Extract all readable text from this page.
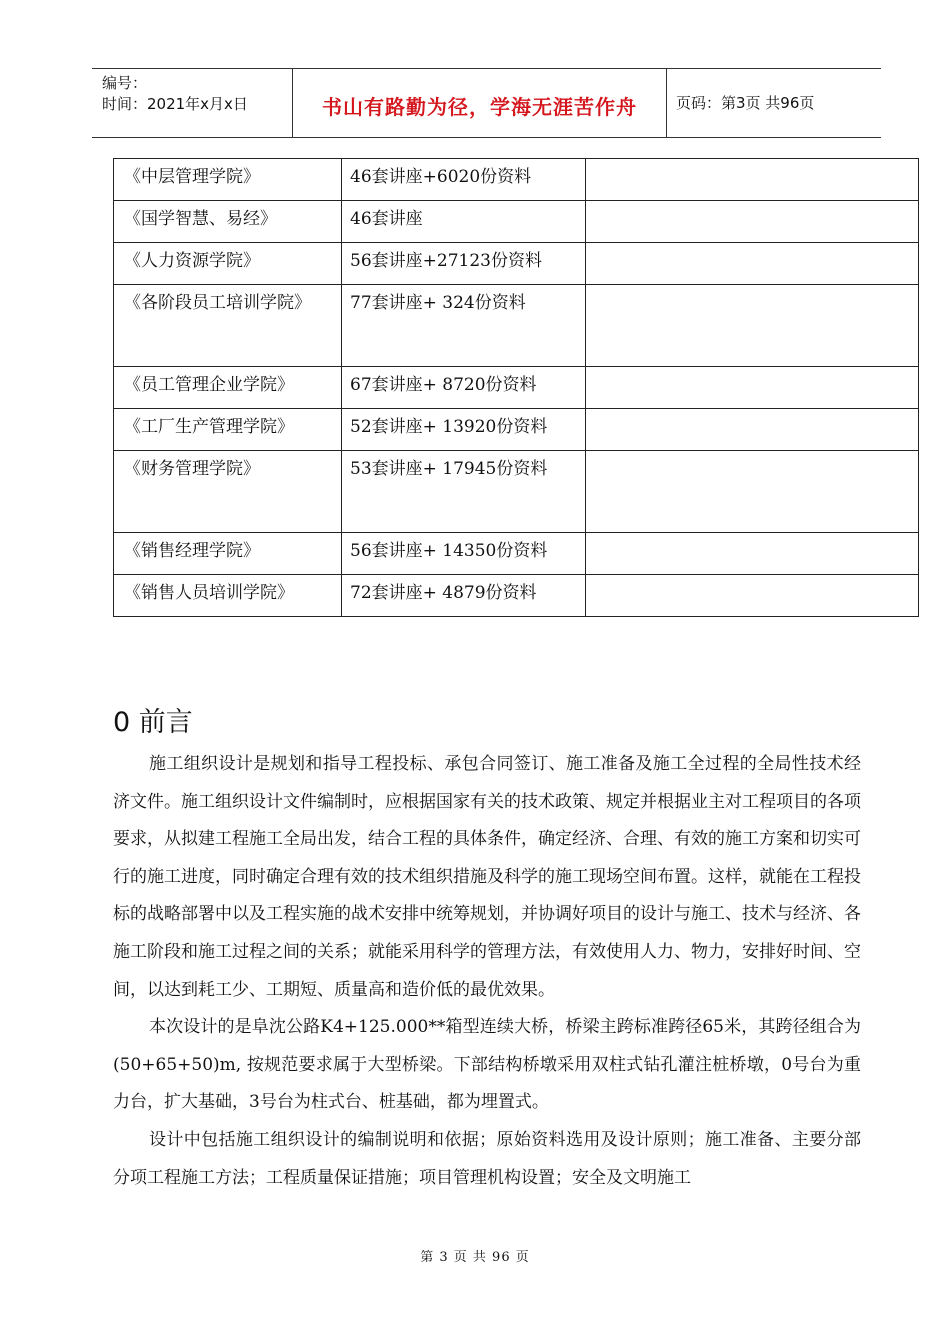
编号：
时间：2021年x月x日	书山有路勤为径，学海无涯苦作舟	页码：第3页 共96页
《中层管理学院》	46套讲座+6020份资料	

《国学智慧、易经》	46套讲座	

《人力资源学院》	56套讲座+27123份资料	

《各阶段员工培训学院》	77套讲座+ 324份资料	

《员工管理企业学院》	67套讲座+ 8720份资料	

《工厂生产管理学院》	52套讲座+ 13920份资料	

《财务管理学院》	53套讲座+ 17945份资料	

《销售经理学院》	56套讲座+ 14350份资料	

《销售人员培训学院》	72套讲座+ 4879份资料	

0 前言

施工组织设计是规划和指导工程投标、承包合同签订、施工准备及施工全过程的全局性技术经济文件。施工组织设计文件编制时，应根据国家有关的技术政策、规定并根据业主对工程项目的各项要求，从拟建工程施工全局出发，结合工程的具体条件，确定经济、合理、有效的施工方案和切实可行的施工进度，同时确定合理有效的技术组织措施及科学的施工现场空间布置。这样，就能在工程投标的战略部署中以及工程实施的战术安排中统筹规划，并协调好项目的设计与施工、技术与经济、各施工阶段和施工过程之间的关系；就能采用科学的管理方法，有效使用人力、物力，安排好时间、空间，以达到耗工少、工期短、质量高和造价低的最优效果。

本次设计的是阜沈公路K4+125.000**箱型连续大桥，桥梁主跨标准跨径65米，其跨径组合为(50+65+50)m, 按规范要求属于大型桥梁。下部结构桥墩采用双柱式钻孔灌注桩桥墩，0号台为重力台，扩大基础，3号台为柱式台、桩基础，都为埋置式。

设计中包括施工组织设计的编制说明和依据；原始资料选用及设计原则；施工准备、主要分部分项工程施工方法；工程质量保证措施；项目管理机构设置；安全及文明施工

第 3 页 共 96 页
